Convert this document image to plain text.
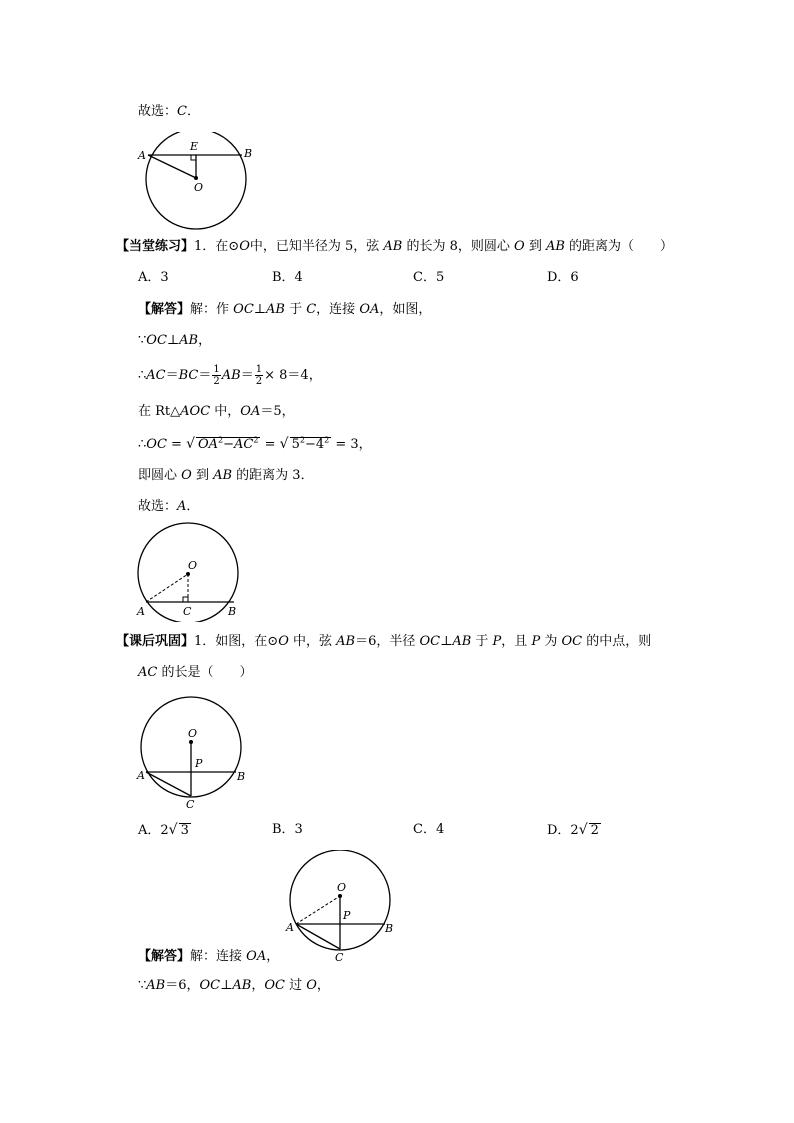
故选：C．
A	B
E
O
【当堂练习】1．在⊙O中，已知半径为 5，弦 AB 的长为 8，则圆心 O 到 AB 的距离为（　　）
A．3	B．4	C．5	D．6
【解答】解：作 OC⊥AB 于 C，连接 OA，如图，
∵OC⊥AB，
∴AC＝BC＝ $\frac{1}{2} AB= \frac{1}{2} \times 8=4$，
在 Rt△AOC 中，OA＝5，
∴OC = √ $OA^2-AC^2$ = √ $5^2-4^2 = 3$，
即圆心 O 到 AB 的距离为 3．
故选：A．
O
A	C	B
【课后巩固】1．如图，在⊙O 中，弦 AB＝6，半径 OC⊥AB 于 P，且 P 为 OC 的中点，则
AC 的长是（　　）
O
P
A	B
C
A．2√ 3	B．3	C．4	D．2√ 2
O
P
A	B
C
【解答】解：连接 OA，
∵AB＝6，OC⊥AB，OC 过 O，
